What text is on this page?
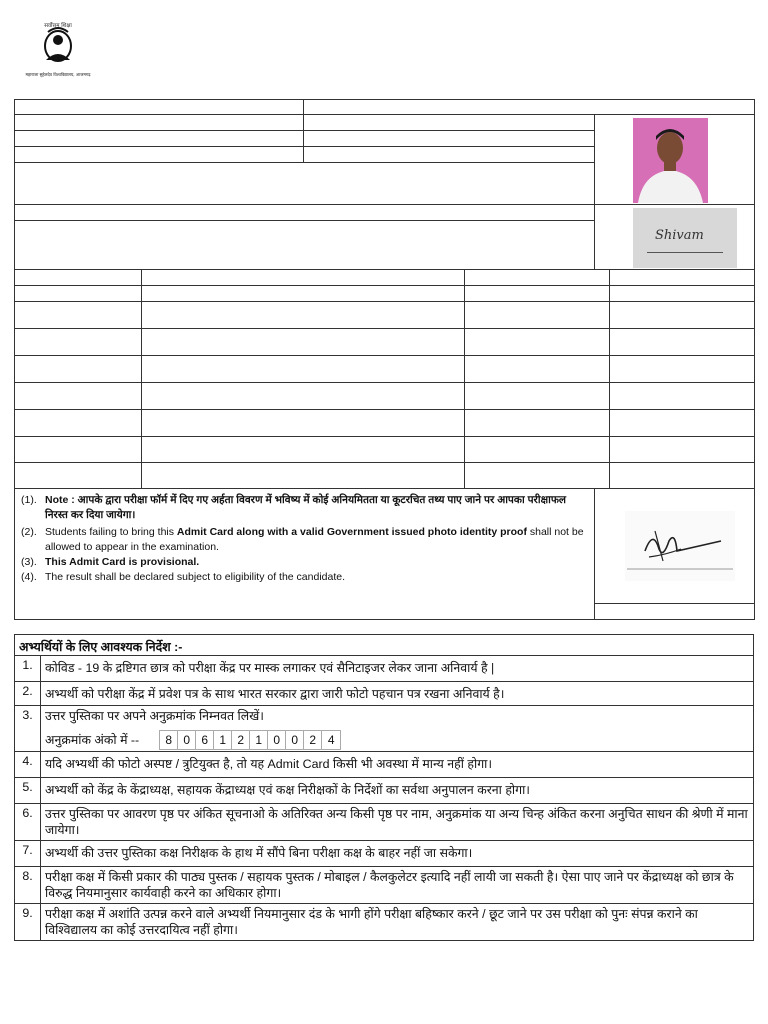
सर्वोत्तम शिक्षा
महाराजा सुहेलदेव विश्वविद्यालय, आजमगढ़
Shivam
(1). Note : आपके द्वारा परीक्षा फॉर्म में दिए गए अर्हता विवरण में भविष्य में कोई अनियमितता या कूटरचित तथ्य पाए जाने पर आपका परीक्षाफल निरस्त कर दिया जायेगा।
(2). Students failing to bring this Admit Card along with a valid Government issued photo identity proof shall not be allowed to appear in the examination.
(3). This Admit Card is provisional.
(4). The result shall be declared subject to eligibility of the candidate.
अभ्यर्थियों के लिए आवश्यक निर्देश :-
1. कोविड - 19 के द्रष्टिगत छात्र को परीक्षा केंद्र पर मास्क लगाकर एवं सैनिटाइजर लेकर जाना अनिवार्य है |
2. अभ्यर्थी को परीक्षा केंद्र में प्रवेश पत्र के साथ भारत सरकार द्वारा जारी फोटो पहचान पत्र रखना अनिवार्य है।
3. उत्तर पुस्तिका पर अपने अनुक्रमांक निम्नवत लिखें।
अनुक्रमांक अंको में --	8 0 6 1 2 1 0 0 2 4
4. यदि अभ्यर्थी की फोटो अस्पष्ट / त्रुटियुक्त है, तो यह Admit Card किसी भी अवस्था में मान्य नहीं होगा।
5. अभ्यर्थी को केंद्र के केंद्राध्यक्ष, सहायक केंद्राध्यक्ष एवं कक्ष निरीक्षकों के निर्देशों का सर्वथा अनुपालन करना होगा।
6. उत्तर पुस्तिका पर आवरण पृष्ठ पर अंकित सूचनाओ के अतिरिक्त अन्य किसी पृष्ठ पर नाम, अनुक्रमांक या अन्य चिन्ह अंकित करना अनुचित साधन की श्रेणी में माना जायेगा।
7. अभ्यर्थी की उत्तर पुस्तिका कक्ष निरीक्षक के हाथ में सौंपे बिना परीक्षा कक्ष के बाहर नहीं जा सकेगा।
8. परीक्षा कक्ष में किसी प्रकार की पाठ्य पुस्तक / सहायक पुस्तक / मोबाइल / कैलकुलेटर इत्यादि नहीं लायी जा सकती है। ऐसा पाए जाने पर केंद्राध्यक्ष को छात्र के विरुद्ध नियमानुसार कार्यवाही करने का अधिकार होगा।
9. परीक्षा कक्ष में अशांति उत्पन्न करने वाले अभ्यर्थी नियमानुसार दंड के भागी होंगे परीक्षा बहिष्कार करने / छूट जाने पर उस परीक्षा को पुनः संपन्न कराने का विश्विद्यालय का कोई उत्तरदायित्व नहीं होगा।
